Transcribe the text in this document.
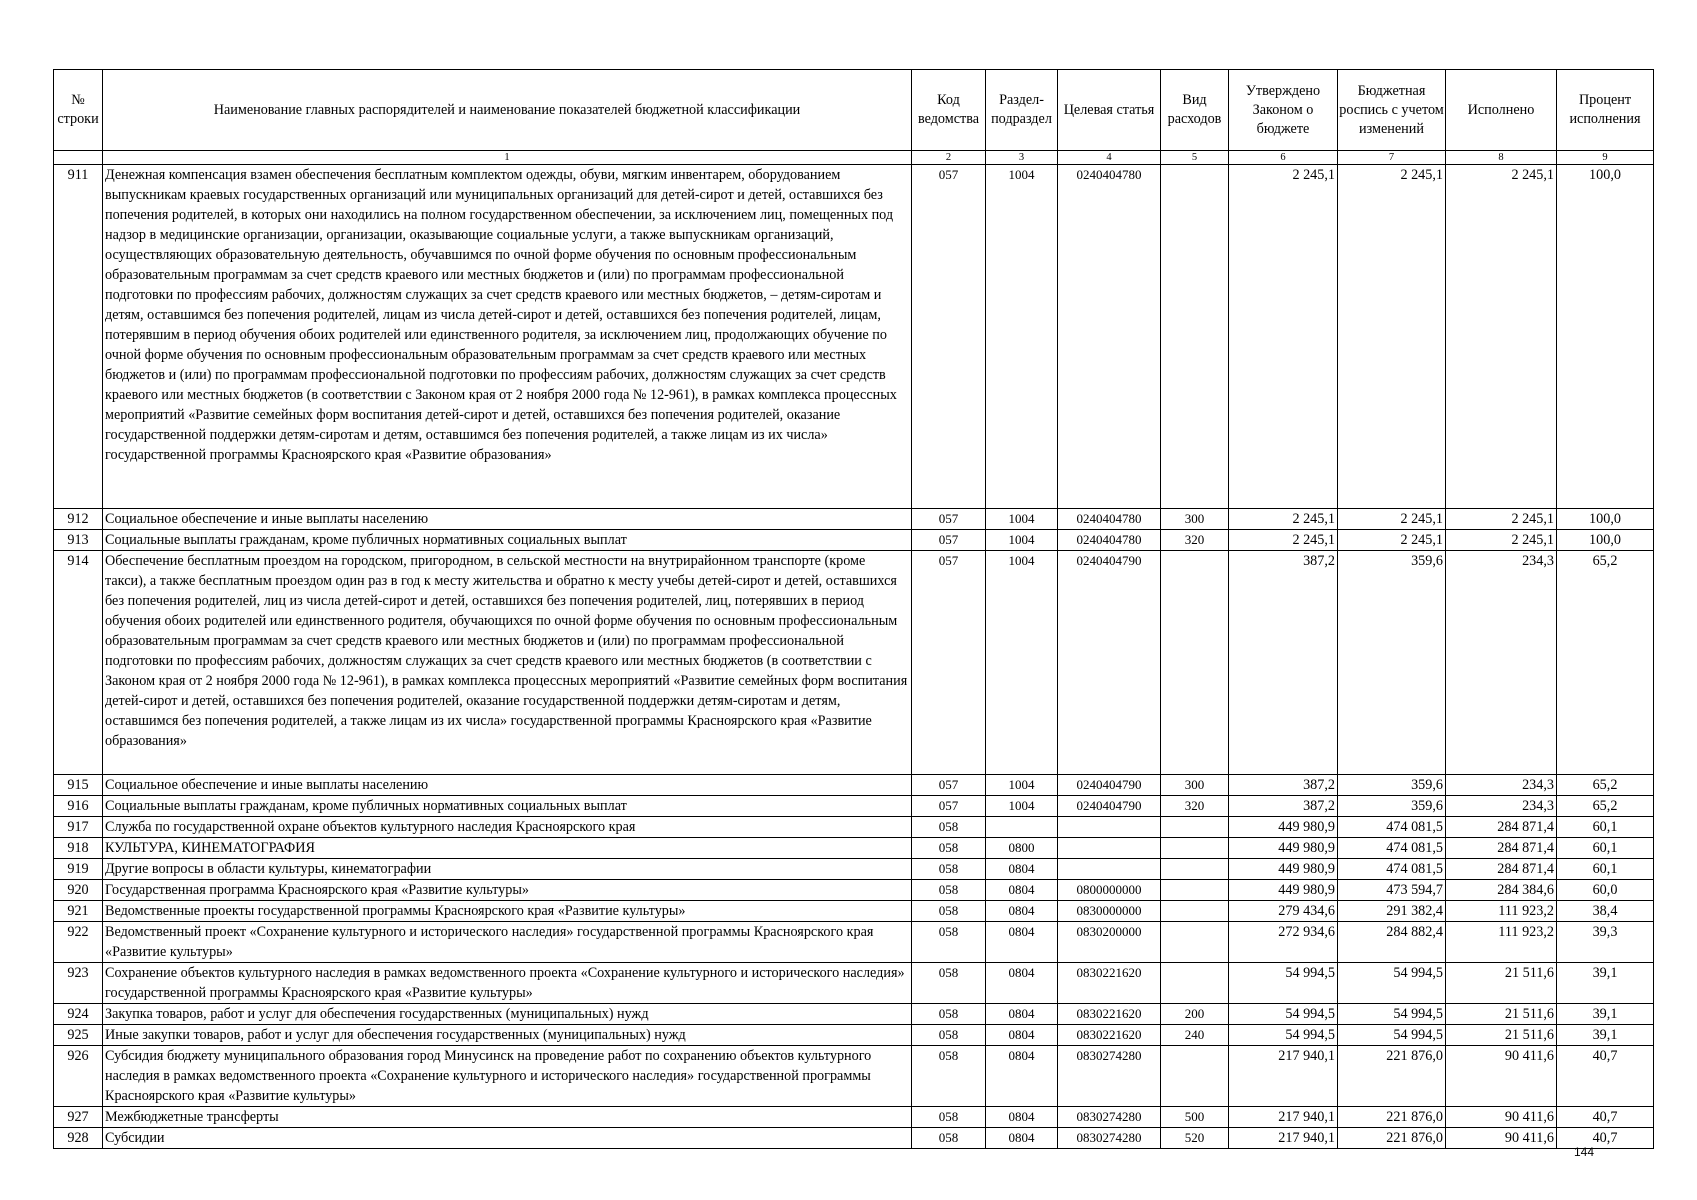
№ строки	Наименование главных распорядителей и наименование показателей бюджетной классификации	Код ведомства	Раздел-подраздел	Целевая статья	Вид расходов	Утверждено Законом о бюджете	Бюджетная роспись с учетом изменений	Исполнено	Процент исполнения
	1	2	3	4	5	6	7	8	9
911	Денежная компенсация взамен обеспечения бесплатным комплектом одежды, обуви, мягким инвентарем, оборудованием выпускникам краевых государственных организаций или муниципальных организаций для детей-сирот и детей, оставшихся без попечения родителей, в которых они находились на полном государственном обеспечении, за исключением лиц, помещенных под надзор в медицинские организации, организации, оказывающие социальные услуги, а также выпускникам организаций, осуществляющих образовательную деятельность, обучавшимся по очной форме обучения по основным профессиональным образовательным программам за счет средств краевого или местных бюджетов и (или) по программам профессиональной подготовки по профессиям рабочих, должностям служащих за счет средств краевого или местных бюджетов, – детям-сиротам и детям, оставшимся без попечения родителей, лицам из числа детей-сирот и детей, оставшихся без попечения родителей, лицам, потерявшим в период обучения обоих родителей или единственного родителя, за исключением лиц, продолжающих обучение по очной форме обучения по основным профессиональным образовательным программам за счет средств краевого или местных бюджетов и (или) по программам профессиональной подготовки по профессиям рабочих, должностям служащих за счет средств краевого или местных бюджетов (в соответствии с Законом края от 2 ноября 2000 года № 12-961), в рамках комплекса процессных мероприятий «Развитие семейных форм воспитания детей-сирот и детей, оставшихся без попечения родителей, оказание государственной поддержки детям-сиротам и детям, оставшимся без попечения родителей, а также лицам из их числа» государственной программы Красноярского края «Развитие образования»	057	1004	0240404780		2 245,1	2 245,1	2 245,1	100,0
912	Социальное обеспечение и иные выплаты населению	057	1004	0240404780	300	2 245,1	2 245,1	2 245,1	100,0
913	Социальные выплаты гражданам, кроме публичных нормативных социальных выплат	057	1004	0240404780	320	2 245,1	2 245,1	2 245,1	100,0
914	Обеспечение бесплатным проездом на городском, пригородном, в сельской местности на внутрирайонном транспорте (кроме такси), а также бесплатным проездом один раз в год к месту жительства и обратно к месту учебы детей-сирот и детей, оставшихся без попечения родителей, лиц из числа детей-сирот и детей, оставшихся без попечения родителей, лиц, потерявших в период обучения обоих родителей или единственного родителя, обучающихся по очной форме обучения по основным профессиональным образовательным программам за счет средств краевого или местных бюджетов и (или) по программам профессиональной подготовки по профессиям рабочих, должностям служащих за счет средств краевого или местных бюджетов (в соответствии с Законом края от 2 ноября 2000 года № 12-961), в рамках комплекса процессных мероприятий «Развитие семейных форм воспитания детей-сирот и детей, оставшихся без попечения родителей, оказание государственной поддержки детям-сиротам и детям, оставшимся без попечения родителей, а также лицам из их числа» государственной программы Красноярского края «Развитие образования»	057	1004	0240404790		387,2	359,6	234,3	65,2
915	Социальное обеспечение и иные выплаты населению	057	1004	0240404790	300	387,2	359,6	234,3	65,2
916	Социальные выплаты гражданам, кроме публичных нормативных социальных выплат	057	1004	0240404790	320	387,2	359,6	234,3	65,2
917	Служба по государственной охране объектов культурного наследия Красноярского края	058				449 980,9	474 081,5	284 871,4	60,1
918	КУЛЬТУРА, КИНЕМАТОГРАФИЯ	058	0800			449 980,9	474 081,5	284 871,4	60,1
919	Другие вопросы в области культуры, кинематографии	058	0804			449 980,9	474 081,5	284 871,4	60,1
920	Государственная программа Красноярского края «Развитие культуры»	058	0804	0800000000		449 980,9	473 594,7	284 384,6	60,0
921	Ведомственные проекты государственной программы Красноярского края «Развитие культуры»	058	0804	0830000000		279 434,6	291 382,4	111 923,2	38,4
922	Ведомственный проект «Сохранение культурного и исторического наследия» государственной программы Красноярского края «Развитие культуры»	058	0804	0830200000		272 934,6	284 882,4	111 923,2	39,3
923	Сохранение объектов культурного наследия в рамках ведомственного проекта «Сохранение культурного и исторического наследия» государственной программы Красноярского края «Развитие культуры»	058	0804	0830221620		54 994,5	54 994,5	21 511,6	39,1
924	Закупка товаров, работ и услуг для обеспечения государственных (муниципальных) нужд	058	0804	0830221620	200	54 994,5	54 994,5	21 511,6	39,1
925	Иные закупки товаров, работ и услуг для обеспечения государственных (муниципальных) нужд	058	0804	0830221620	240	54 994,5	54 994,5	21 511,6	39,1
926	Субсидия бюджету муниципального образования город Минусинск на проведение работ по сохранению объектов культурного наследия в рамках ведомственного проекта «Сохранение культурного и исторического наследия» государственной программы Красноярского края «Развитие культуры»	058	0804	0830274280		217 940,1	221 876,0	90 411,6	40,7
927	Межбюджетные трансферты	058	0804	0830274280	500	217 940,1	221 876,0	90 411,6	40,7
928	Субсидии	058	0804	0830274280	520	217 940,1	221 876,0	90 411,6	40,7
144
